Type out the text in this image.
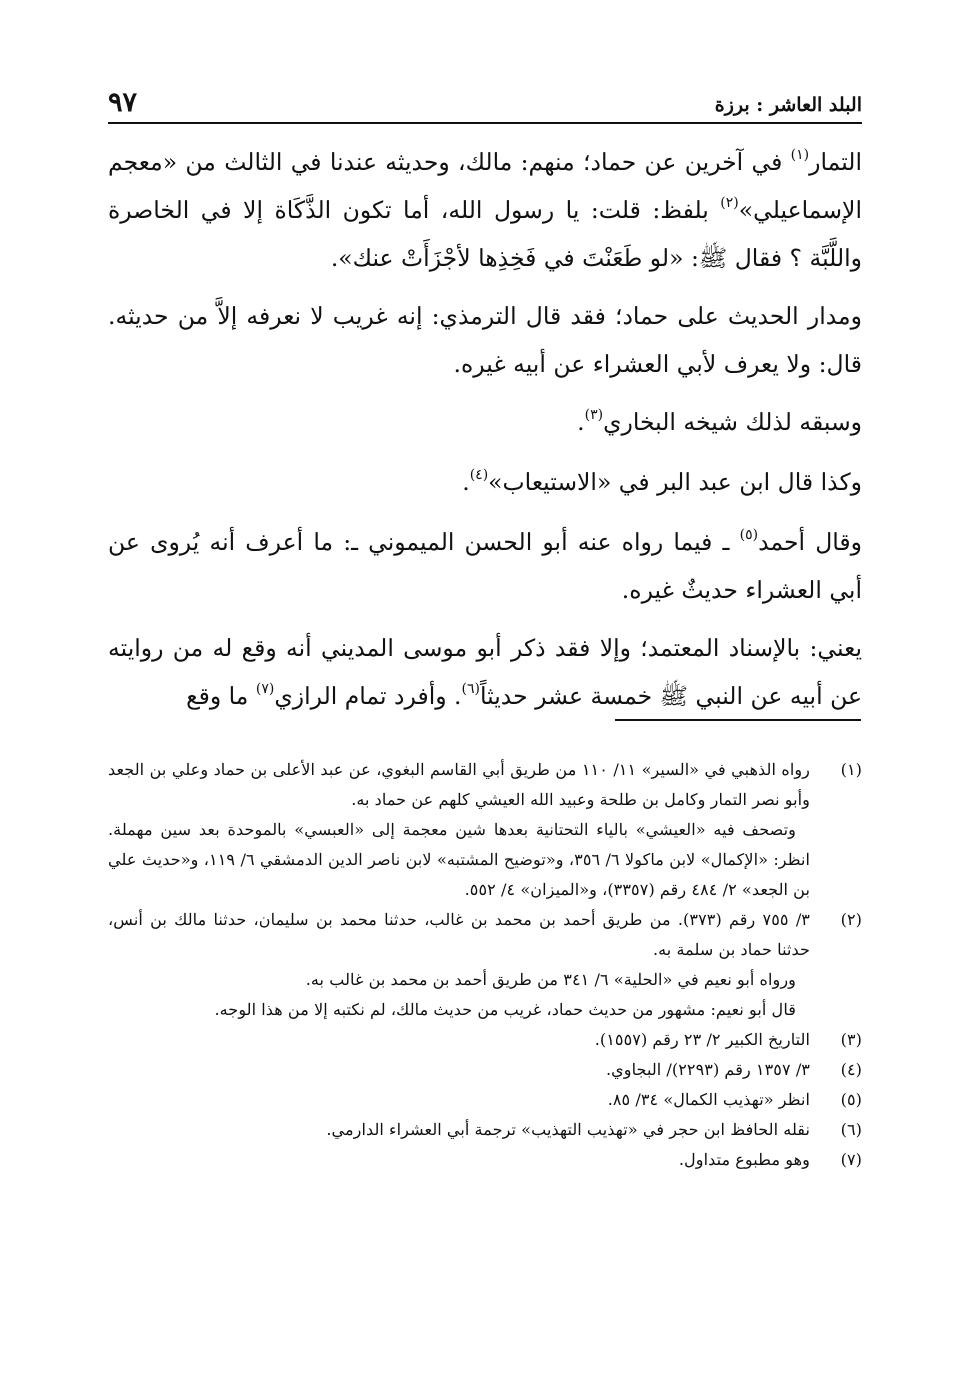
البلد العاشر : برزة
٩٧

التمار$^{(١)}$ في آخرين عن حماد؛ منهم: مالك، وحديثه عندنا في الثالث من «معجم الإسماعيلي»$^{(٢)}$ بلفظ: قلت: يا رسول الله، أما تكون الذَّكَاة إلا في الخاصرة واللَّبَّة ؟ فقال ﷺ: «لو طَعَنْتَ في فَخِذِها لأجْزَأَتْ عنك».

ومدار الحديث على حماد؛ فقد قال الترمذي: إنه غريب لا نعرفه إلاَّ من حديثه. قال: ولا يعرف لأبي العشراء عن أبيه غيره.

وسبقه لذلك شيخه البخاري$^{(٣)}$.

وكذا قال ابن عبد البر في «الاستيعاب»$^{(٤)}$.

وقال أحمد$^{(٥)}$ ـ فيما رواه عنه أبو الحسن الميموني ـ: ما أعرف أنه يُروى عن أبي العشراء حديثٌ غيره.

يعني: بالإسناد المعتمد؛ وإلا فقد ذكر أبو موسى المديني أنه وقع له من روايته عن أبيه عن النبي ﷺ خمسة عشر حديثاً$^{(٦)}$. وأفرد تمام الرازي$^{(٧)}$ ما وقع

(١)

رواه الذهبي في «السير» ١١/ ١١٠ من طريق أبي القاسم البغوي، عن عبد الأعلى بن حماد وعلي بن الجعد وأبو نصر التمار وكامل بن طلحة وعبيد الله العيشي كلهم عن حماد به.

وتصحف فيه «العيشي» بالياء التحتانية بعدها شين معجمة إلى «العبسي» بالموحدة بعد سين مهملة. انظر: «الإكمال» لابن ماكولا ٦/ ٣٥٦، و«توضيح المشتبه» لابن ناصر الدين الدمشقي ٦/ ١١٩، و«حديث علي بن الجعد» ٢/ ٤٨٤ رقم (٣٣٥٧)، و«الميزان» ٤/ ٥٥٢.

(٢)

٣/ ٧٥٥ رقم (٣٧٣). من طريق أحمد بن محمد بن غالب، حدثنا محمد بن سليمان، حدثنا مالك بن أنس، حدثنا حماد بن سلمة به.

ورواه أبو نعيم في «الحلية» ٦/ ٣٤١ من طريق أحمد بن محمد بن غالب به.

قال أبو نعيم: مشهور من حديث حماد، غريب من حديث مالك، لم نكتبه إلا من هذا الوجه.

(٣)

التاريخ الكبير ٢/ ٢٣ رقم (١٥٥٧).

(٤)

٣/ ١٣٥٧ رقم (٢٢٩٣)/ البجاوي.

(٥)

انظر «تهذيب الكمال» ٣٤/ ٨٥.

(٦)

نقله الحافظ ابن حجر في «تهذيب التهذيب» ترجمة أبي العشراء الدارمي.

(٧)

وهو مطبوع متداول.
